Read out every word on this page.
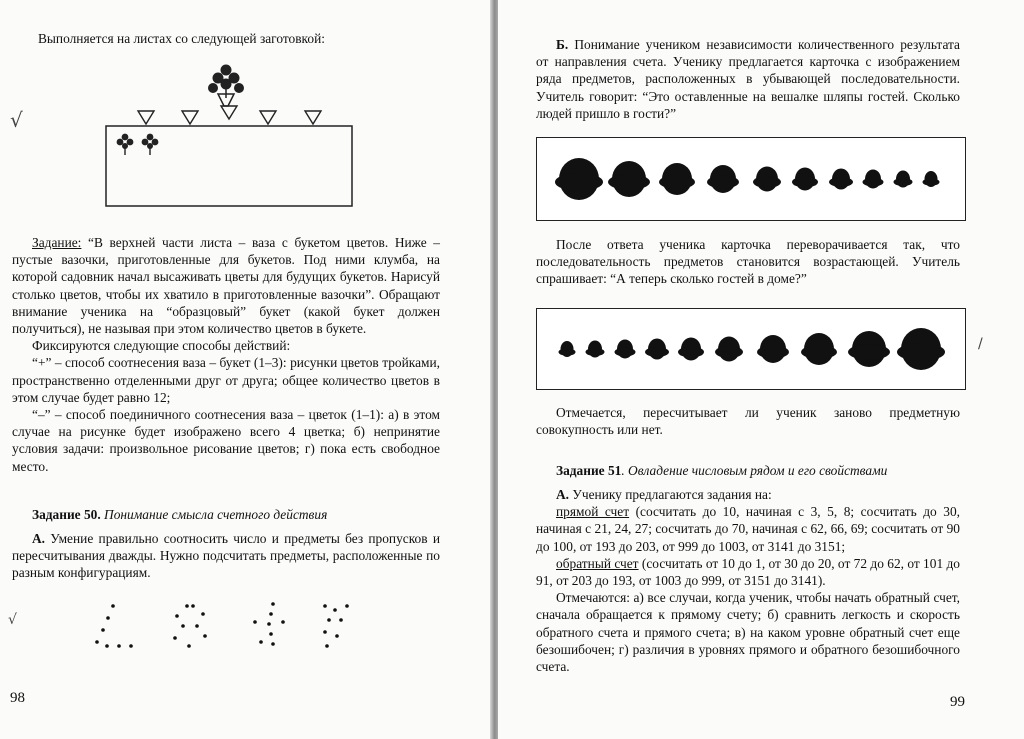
Выполняется на листах со следующей заготовкой:
√

Задание: “В верхней части листа – ваза с букетом цветов. Ниже – пустые вазочки, приготовленные для букетов. Под ними клумба, на которой садовник начал высаживать цветы для будущих букетов. Нарисуй столько цветов, чтобы их хватило в приготовленные вазочки”. Обращают внимание ученика на “образцовый” букет (какой букет должен получиться), не называя при этом количество цветов в букете.

Фиксируются следующие способы действий:

“+” – способ соотнесения ваза – букет (1–3): рисунки цветов тройками, пространственно отделенными друг от друга; общее количество цветов в этом случае будет равно 12;

“–” – способ поединичного соотнесения ваза – цветок (1–1): а) в этом случае на рисунке будет изображено всего 4 цветка; б) непринятие условия задачи: произвольное рисование цветов; г) пока есть свободное место.

Задание 50. Понимание смысла счетного действия

А. Умение правильно соотносить число и предметы без пропусков и пересчитывания дважды. Нужно подсчитать предметы, расположенные по разным конфигурациям.

√
98

Б. Понимание учеником независимости количественного результата от направления счета. Ученику предлагается карточка с изображением ряда предметов, расположенных в убывающей последовательности. Учитель говорит: “Это оставленные на вешалке шляпы гостей. Сколько людей пришло в гости?”

После ответа ученика карточка переворачивается так, что последовательность предметов становится возрастающей. Учитель спрашивает: “А теперь сколько гостей в доме?”

/

Отмечается, пересчитывает ли ученик заново предметную совокупность или нет.

Задание 51. Овладение числовым рядом и его свойствами

А. Ученику предлагаются задания на:

прямой счет (сосчитать до 10, начиная с 3, 5, 8; сосчитать до 30, начиная с 21, 24, 27; сосчитать до 70, начиная с 62, 66, 69; сосчитать от 90 до 100, от 193 до 203, от 999 до 1003, от 3141 до 3151;

обратный счет (сосчитать от 10 до 1, от 30 до 20, от 72 до 62, от 101 до 91, от 203 до 193, от 1003 до 999, от 3151 до 3141).

Отмечаются: а) все случаи, когда ученик, чтобы начать обратный счет, сначала обращается к прямому счету; б) сравнить легкость и скорость обратного счета и прямого счета; в) на каком уровне обратный счет еще безошибочен; г) различия в уровнях прямого и обратного безошибочного счета.

99
